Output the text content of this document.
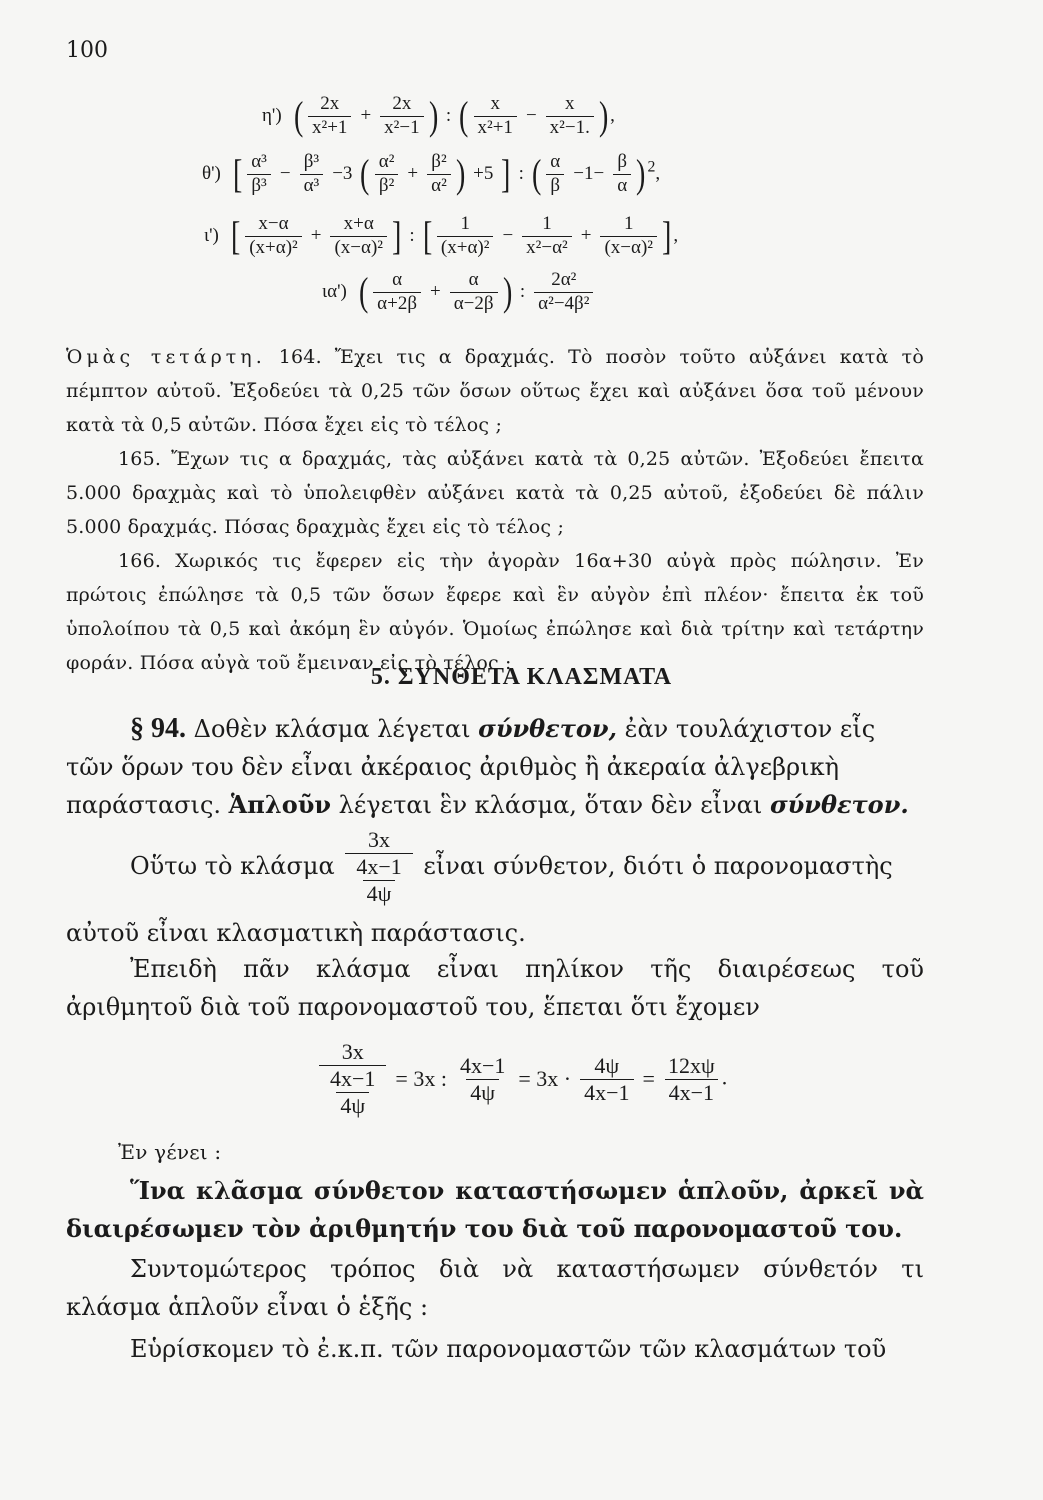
100
η') ( $\frac{2x}{\text{x²+1}} + \frac{2x}{\text{x²−1}}$ ) : ( $\frac{x}{\text{x²+1}} - \frac{x}{\text{x²−1.}}$ ) ,
θ') [ $\frac{\text{α³}}{\text{β³}} - \frac{\text{β³}}{\text{α³}} -3$ ( $\frac{\text{α²}}{\text{β²}} + \frac{\text{β²}}{\text{α²}}$ ) +5 ] : ( $\frac{\alpha}{\beta} -1- \frac{\beta}{\alpha}$ ) $^2$,
ι') [ $\frac{x-\alpha}{\text{(x+α)²}} + \frac{x+\alpha}{\text{(x−α)²}}$ ] : [ $\frac{1}{\text{(x+α)²}} - \frac{1}{\text{x²−α²}} + \frac{1}{\text{(x−α)²}}$ ] ,
ια') ( $\frac{\alpha}{\alpha+2\beta} + \frac{\alpha}{\alpha-2\beta}$ ) : $\frac{\text{2α²}}{\text{α²−4β²}}$
Ὁμὰς τετάρτη. 164. Ἔχει τις α δραχμάς. Τὸ ποσὸν τοῦτο αὐξάνει κατὰ τὸ πέμπτον αὐτοῦ. Ἐξοδεύει τὰ 0,25 τῶν ὅσων οὕτως ἔχει καὶ αὐξάνει ὅσα τοῦ μένουν κατὰ τὰ 0,5 αὐτῶν. Πόσα ἔχει εἰς τὸ τέλος ;
165. Ἔχων τις α δραχμάς, τὰς αὐξάνει κατὰ τὰ 0,25 αὐτῶν. Ἐξοδεύει ἔπειτα 5.000 δραχμὰς καὶ τὸ ὑπολειφθὲν αὐξάνει κατὰ τὰ 0,25 αὐτοῦ, ἐξοδεύει δὲ πάλιν 5.000 δραχμάς. Πόσας δραχμὰς ἔχει εἰς τὸ τέλος ;
166. Χωρικός τις ἔφερεν εἰς τὴν ἀγορὰν 16α+30 αὐγὰ πρὸς πώλησιν. Ἐν πρώτοις ἐπώλησε τὰ 0,5 τῶν ὅσων ἔφερε καὶ ἓν αὐγὸν ἐπὶ πλέον· ἔπειτα ἐκ τοῦ ὑπολοίπου τὰ 0,5 καὶ ἀκόμη ἓν αὐγόν. Ὁμοίως ἐπώλησε καὶ διὰ τρίτην καὶ τετάρτην φοράν. Πόσα αὐγὰ τοῦ ἔμειναν εἰς τὸ τέλος :
5. ΣΥΝΘΕΤΑ ΚΛΑΣΜΑΤΑ
§ 94. Δοθὲν κλάσμα λέγεται σύνθετον, ἐὰν τουλάχιστον εἷς τῶν ὅρων του δὲν εἶναι ἀκέραιος ἀριθμὸς ἢ ἀκεραία ἀλγεβρικὴ παράστασις. Ἁπλοῦν λέγεται ἓν κλάσμα, ὅταν δὲν εἶναι σύνθετον.
Οὕτω τὸ κλάσμα $\frac{3x}{\frac{4x-1}{4\psi}}$ εἶναι σύνθετον, διότι ὁ παρονομαστὴς
αὐτοῦ εἶναι κλασματικὴ παράστασις.
Ἐπειδὴ πᾶν κλάσμα εἶναι πηλίκον τῆς διαιρέσεως τοῦ ἀριθμητοῦ διὰ τοῦ παρονομαστοῦ του, ἕπεται ὅτι ἔχομεν
$\frac{3x}{\frac{4x-1}{4\psi}} = 3x$ : $\frac{4x-1}{4\psi} = 3x \cdot \frac{4\psi}{4x-1} = \frac{12x\psi}{4x-1}$ .
Ἐν γένει :
Ἵνα κλᾶσμα σύνθετον καταστήσωμεν ἁπλοῦν, ἀρκεῖ νὰ διαιρέσωμεν τὸν ἀριθμητήν του διὰ τοῦ παρονομαστοῦ του.
Συντομώτερος τρόπος διὰ νὰ καταστήσωμεν σύνθετόν τι κλάσμα ἁπλοῦν εἶναι ὁ ἑξῆς :
Εὑρίσκομεν τὸ ἐ.κ.π. τῶν παρονομαστῶν τῶν κλασμάτων τοῦ
